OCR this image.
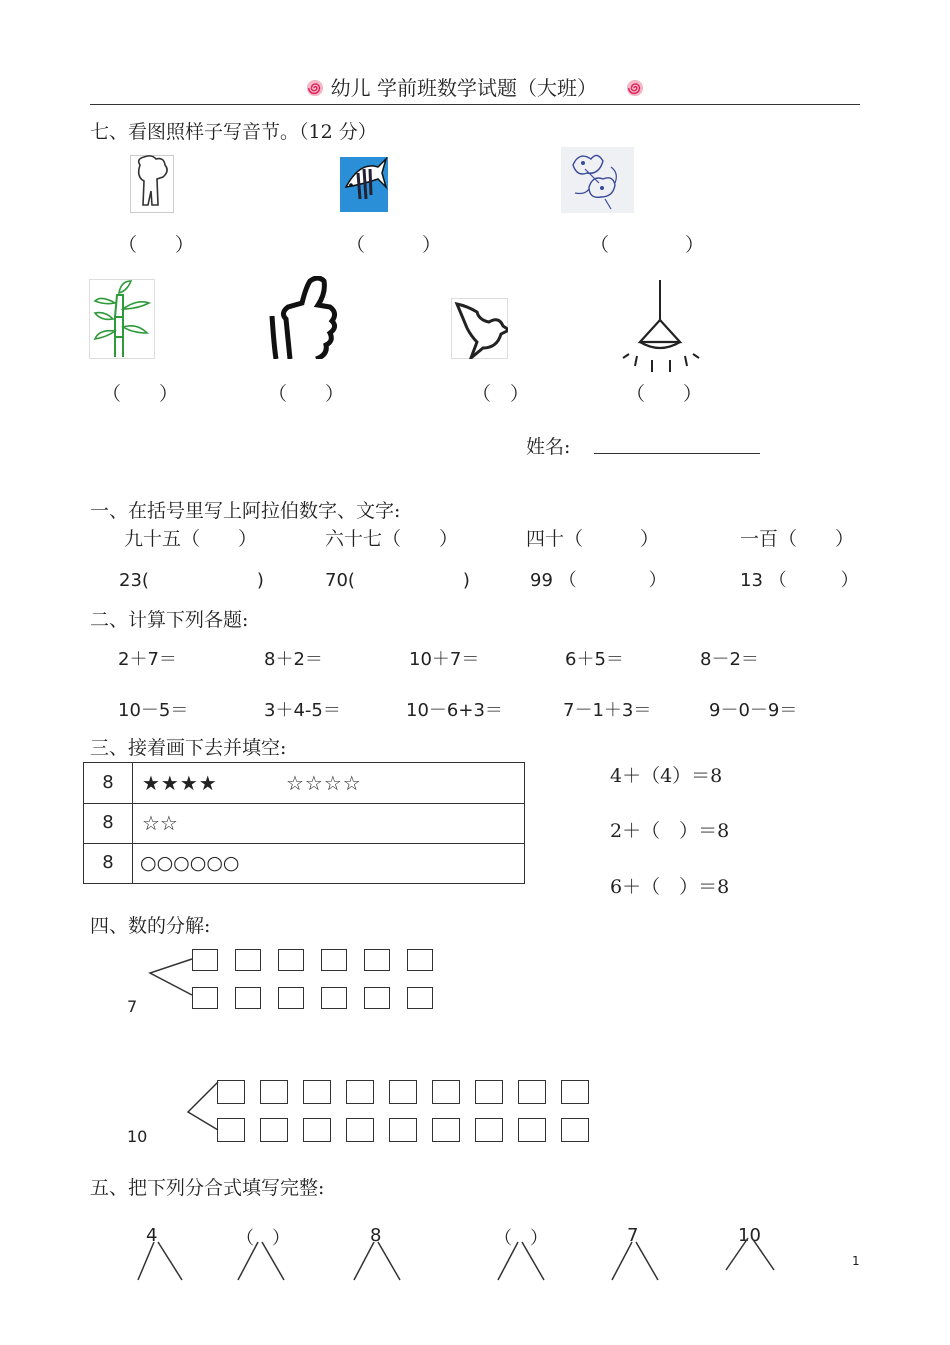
幼儿 学前班数学试题（大班）
七、看图照样子写音节。（12 分）
（　　）	（　　　）	（　　　　）
（　　）	（　　）	（　）	（　　）
姓名:
一、在括号里写上阿拉伯数字、文字:
九十五（　　）	六十七（　　）	四十（　　　）	一百（　　）
23(　　　　　　)	70(　　　　　　)	99 （　　　　）	13 （　　　）
二、计算下列各题:
2＋7＝	8＋2＝	10＋7＝	6＋5＝	8－2＝
10－5＝	3＋4-5＝	10－6+3＝	7－1＋3＝	9－0－9＝
三、接着画下去并填空:
8	★★★★	☆☆☆☆
8	☆☆
8	○○○○○○
4＋（4）＝8
2＋（　）＝8
6＋（　）＝8
四、数的分解:
7
10
五、把下列分合式填写完整:
4	（　）	8	（　）	7	10
1
